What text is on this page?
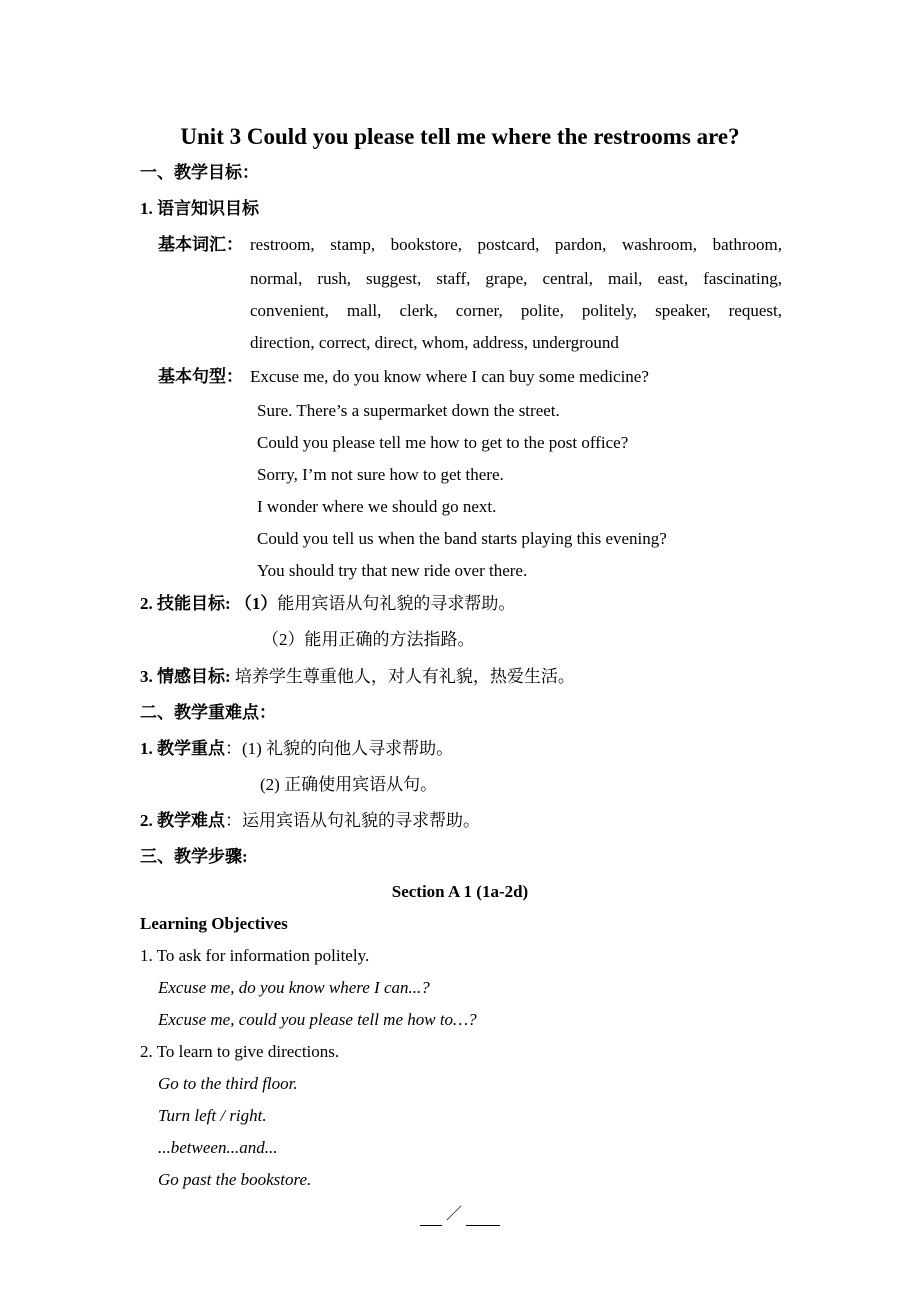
Unit 3 Could you please tell me where the restrooms are?
一、教学目标：
1. 语言知识目标
基本词汇： restroom, stamp, bookstore, postcard, pardon, washroom, bathroom,
normal, rush, suggest, staff, grape, central, mail, east, fascinating,
convenient, mall, clerk, corner, polite, politely, speaker, request,
direction, correct, direct, whom, address, underground
基本句型： Excuse me, do you know where I can buy some medicine?
Sure. There’s a supermarket down the street.
Could you please tell me how to get to the post office?
Sorry, I’m not sure how to get there.
I wonder where we should go next.
Could you tell us when the band starts playing this evening?
You should try that new ride over there.
2. 技能目标: （1）能用宾语从句礼貌的寻求帮助。
（2）能用正确的方法指路。
3. 情感目标: 培养学生尊重他人，对人有礼貌，热爱生活。
二、教学重难点：
1. 教学重点：(1) 礼貌的向他人寻求帮助。
(2) 正确使用宾语从句。
2. 教学难点：运用宾语从句礼貌的寻求帮助。
三、教学步骤:
Section A 1 (1a-2d)
Learning Objectives
1. To ask for information politely.
Excuse me, do you know where I can...?
Excuse me, could you please tell me how to…?
2. To learn to give directions.
Go to the third floor.
Turn left / right.
...between...and...
Go past the bookstore.
／
